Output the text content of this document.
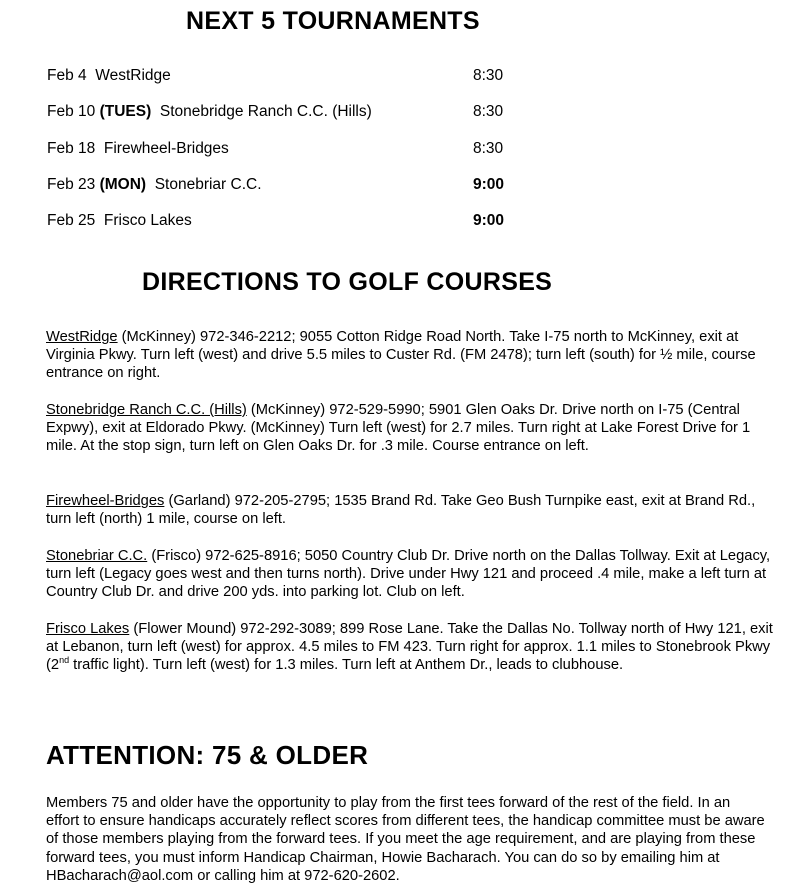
NEXT 5 TOURNAMENTS
Feb 4 WestRidge	8:30
Feb 10 (TUES) Stonebridge Ranch C.C. (Hills)	8:30
Feb 18 Firewheel-Bridges	8:30
Feb 23 (MON) Stonebriar C.C.	9:00
Feb 25 Frisco Lakes	9:00
DIRECTIONS TO GOLF COURSES
WestRidge (McKinney) 972-346-2212; 9055 Cotton Ridge Road North. Take I-75 north to McKinney, exit at Virginia Pkwy. Turn left (west) and drive 5.5 miles to Custer Rd. (FM 2478); turn left (south) for ½ mile, course entrance on right.
Stonebridge Ranch C.C. (Hills) (McKinney) 972-529-5990; 5901 Glen Oaks Dr. Drive north on I-75 (Central Expwy), exit at Eldorado Pkwy. (McKinney) Turn left (west) for 2.7 miles. Turn right at Lake Forest Drive for 1 mile. At the stop sign, turn left on Glen Oaks Dr. for .3 mile. Course entrance on left.
Firewheel-Bridges (Garland) 972-205-2795; 1535 Brand Rd. Take Geo Bush Turnpike east, exit at Brand Rd., turn left (north) 1 mile, course on left.
Stonebriar C.C. (Frisco) 972-625-8916; 5050 Country Club Dr. Drive north on the Dallas Tollway. Exit at Legacy, turn left (Legacy goes west and then turns north). Drive under Hwy 121 and proceed .4 mile, make a left turn at Country Club Dr. and drive 200 yds. into parking lot. Club on left.
Frisco Lakes (Flower Mound) 972-292-3089; 899 Rose Lane. Take the Dallas No. Tollway north of Hwy 121, exit at Lebanon, turn left (west) for approx. 4.5 miles to FM 423. Turn right for approx. 1.1 miles to Stonebrook Pkwy (2nd traffic light). Turn left (west) for 1.3 miles. Turn left at Anthem Dr., leads to clubhouse.
ATTENTION: 75 & OLDER
Members 75 and older have the opportunity to play from the first tees forward of the rest of the field. In an effort to ensure handicaps accurately reflect scores from different tees, the handicap committee must be aware of those members playing from the forward tees. If you meet the age requirement, and are playing from these forward tees, you must inform Handicap Chairman, Howie Bacharach. You can do so by emailing him at HBacharach@aol.com or calling him at 972-620-2602.
